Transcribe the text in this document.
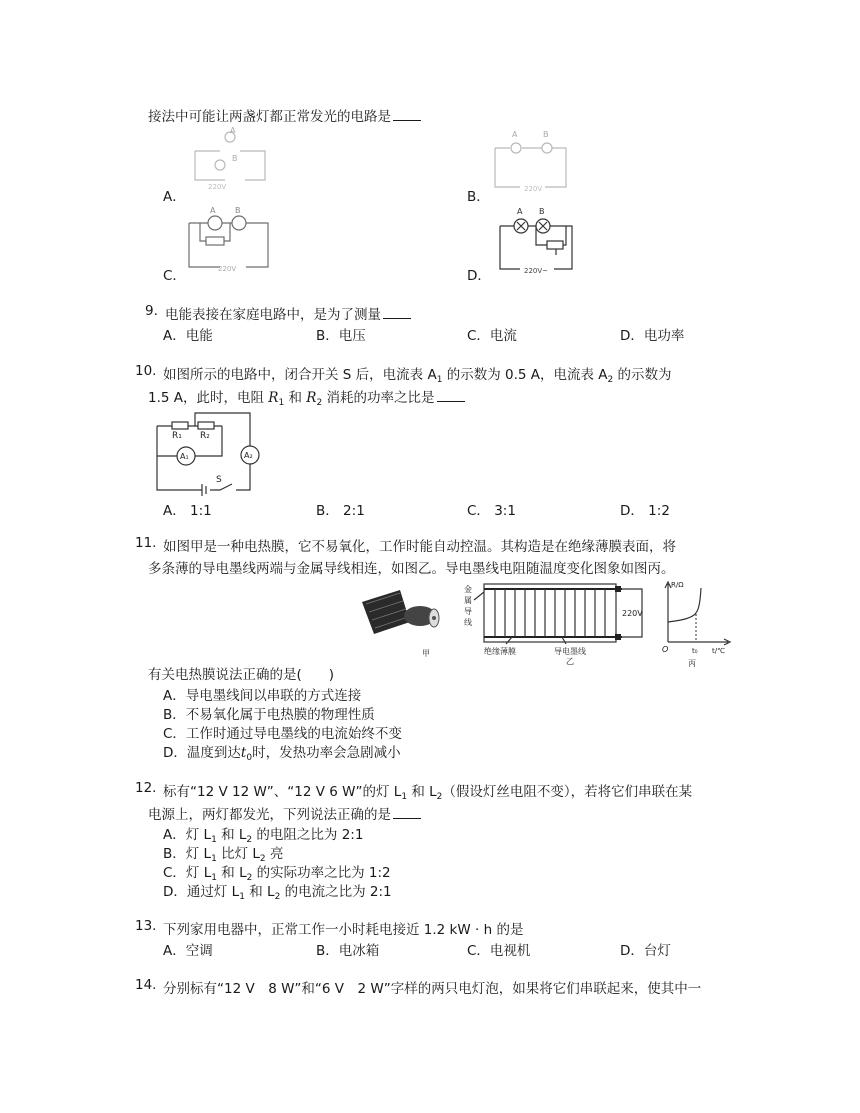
接法中可能让两盏灯都正常发光的电路是
A．	B．
C．	D．
A
B
220V
A	B
220V
A B
220V
A B
220V~
9. 电能表接在家庭电路中，是为了测量
A．电能	B．电压	C．电流	D．电功率
10. 如图所示的电路中，闭合开关 S 后，电流表 $A_1$ 的示数为 0.5 A，电流表 $A_2$ 的示数为
1.5 A，此时，电阻 $R_1$ 和 $R_2$ 消耗的功率之比是
R₁ R₂
A₁	A₂
S
A． 1:1	B． 2:1	C． 3:1	D． 1:2
11. 如图甲是一种电热膜，它不易氧化，工作时能自动控温。其构造是在绝缘薄膜表面，将
多条薄的导电墨线两端与金属导线相连，如图乙。导电墨线电阻随温度变化图象如图丙。
甲
金
属
导
线
220V
绝缘薄膜	导电墨线
乙
R/Ω
O	t₀ t/℃
丙
有关电热膜说法正确的是(　　)
A．导电墨线间以串联的方式连接
B．不易氧化属于电热膜的物理性质
C．工作时通过导电墨线的电流始终不变
D．温度到达$t_0$时，发热功率会急剧减小
12. 标有“12 V 12 W”、“12 V 6 W”的灯 $L_1$ 和 $L_2$（假设灯丝电阻不变），若将它们串联在某
电源上，两灯都发光，下列说法正确的是
A．灯 $L_1$ 和 $L_2$ 的电阻之比为 2:1
B．灯 $L_1$ 比灯 $L_2$ 亮
C．灯 $L_1$ 和 $L_2$ 的实际功率之比为 1:2
D．通过灯 $L_1$ 和 $L_2$ 的电流之比为 2:1
13. 下列家用电器中，正常工作一小时耗电接近 1.2 kW · h 的是
A．空调	B．电冰箱	C．电视机	D．台灯
14. 分别标有“12 V　8 W”和“6 V　2 W”字样的两只电灯泡，如果将它们串联起来，使其中一
